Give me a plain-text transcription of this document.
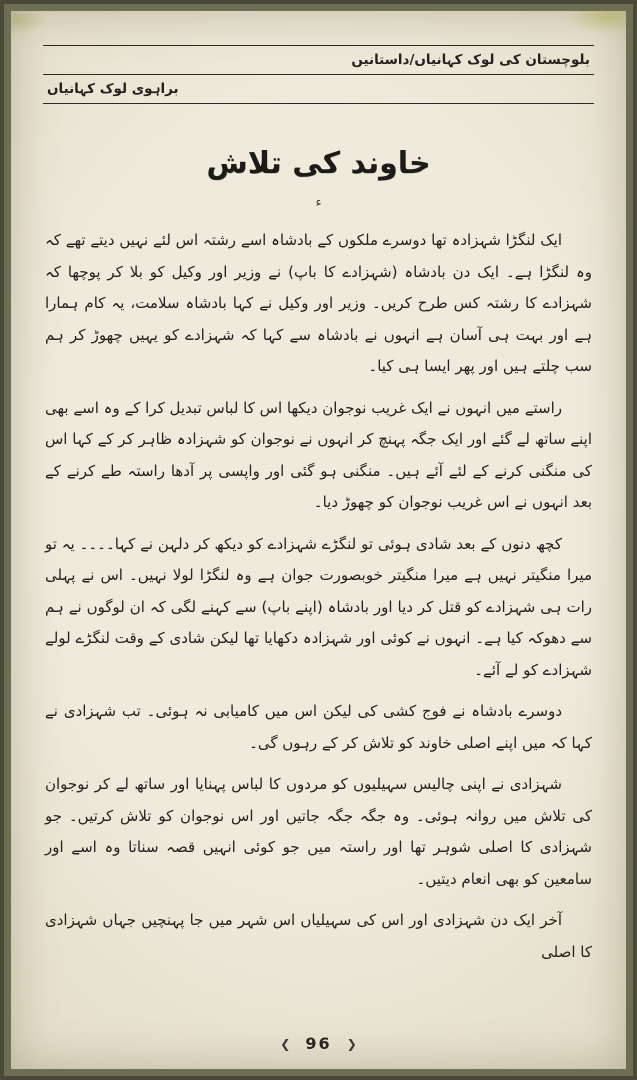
بلوچستان کی لوک کہانیاں/داستانیں
براہوی لوک کہانیاں
خاوند کی تلاش
ء

ایک لنگڑا شہزادہ تھا دوسرے ملکوں کے بادشاہ اسے رشتہ اس لئے نہیں دیتے تھے کہ وہ لنگڑا ہے۔ ایک دن بادشاہ (شہزادے کا باپ) نے وزیر اور وکیل کو بلا کر پوچھا کہ شہزادے کا رشتہ کس طرح کریں۔ وزیر اور وکیل نے کہا بادشاہ سلامت، یہ کام ہمارا ہے اور بہت ہی آسان ہے انہوں نے بادشاہ سے کہا کہ شہزادے کو یہیں چھوڑ کر ہم سب چلتے ہیں اور پھر ایسا ہی کیا۔

راستے میں انہوں نے ایک غریب نوجوان دیکھا اس کا لباس تبدیل کرا کے وہ اسے بھی اپنے ساتھ لے گئے اور ایک جگہ پہنچ کر انہوں نے نوجوان کو شہزادہ ظاہر کر کے کہا اس کی منگنی کرنے کے لئے آئے ہیں۔ منگنی ہو گئی اور واپسی پر آدھا راستہ طے کرنے کے بعد انہوں نے اس غریب نوجوان کو چھوڑ دیا۔

کچھ دنوں کے بعد شادی ہوئی تو لنگڑے شہزادے کو دیکھ کر دلہن نے کہا۔۔۔۔ یہ تو میرا منگیتر نہیں ہے میرا منگیتر خوبصورت جوان ہے وہ لنگڑا لولا نہیں۔ اس نے پہلی رات ہی شہزادے کو قتل کر دیا اور بادشاہ (اپنے باپ) سے کہنے لگی کہ ان لوگوں نے ہم سے دھوکہ کیا ہے۔ انہوں نے کوئی اور شہزادہ دکھایا تھا لیکن شادی کے وقت لنگڑے لولے شہزادے کو لے آئے۔

دوسرے بادشاہ نے فوج کشی کی لیکن اس میں کامیابی نہ ہوئی۔ تب شہزادی نے کہا کہ میں اپنے اصلی خاوند کو تلاش کر کے رہوں گی۔

شہزادی نے اپنی چالیس سہیلیوں کو مردوں کا لباس پہنایا اور ساتھ لے کر نوجوان کی تلاش میں روانہ ہوئی۔ وہ جگہ جگہ جاتیں اور اس نوجوان کو تلاش کرتیں۔ جو شہزادی کا اصلی شوہر تھا اور راستہ میں جو کوئی انہیں قصہ سناتا وہ اسے اور سامعین کو بھی انعام دیتیں۔

آخر ایک دن شہزادی اور اس کی سہیلیاں اس شہر میں جا پہنچیں جہاں شہزادی کا اصلی

❮ 96 ❯
